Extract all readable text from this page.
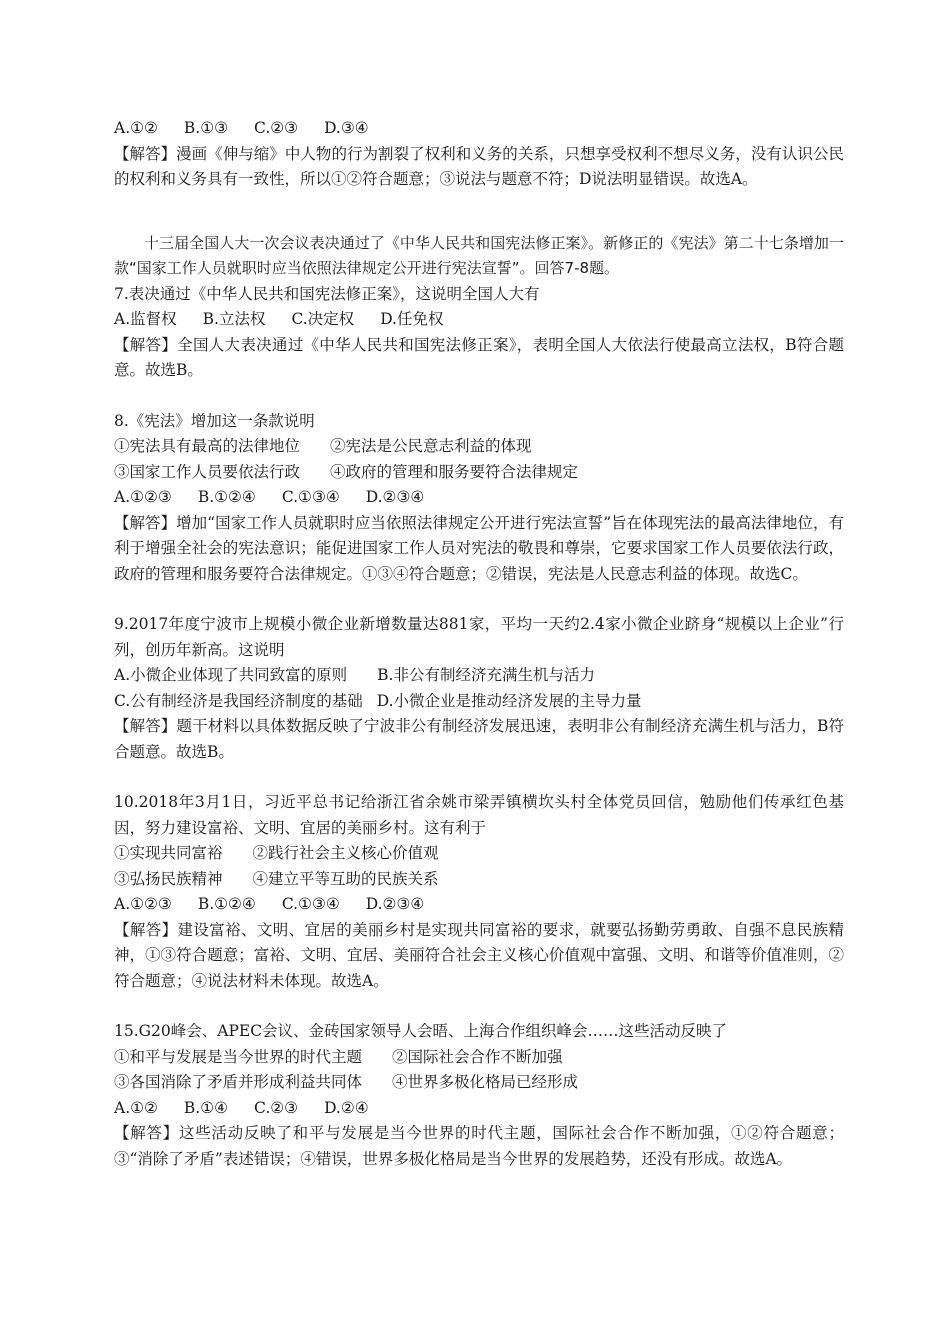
A.①② B.①③ C.②③ D.③④
【解答】漫画《伸与缩》中人物的行为割裂了权利和义务的关系，只想享受权利不想尽义务，没有认识公民的权利和义务具有一致性，所以①②符合题意；③说法与题意不符；D说法明显错误。故选A。
十三届全国人大一次会议表决通过了《中华人民共和国宪法修正案》。新修正的《宪法》第二十七条增加一款“国家工作人员就职时应当依照法律规定公开进行宪法宣誓”。回答7-8题。
7.表决通过《中华人民共和国宪法修正案》，这说明全国人大有
A.监督权 B.立法权 C.决定权 D.任免权
【解答】全国人大表决通过《中华人民共和国宪法修正案》，表明全国人大依法行使最高立法权，B符合题意。故选B。
8.《宪法》增加这一条款说明
①宪法具有最高的法律地位 ②宪法是公民意志利益的体现
③国家工作人员要依法行政 ④政府的管理和服务要符合法律规定
A.①②③ B.①②④ C.①③④ D.②③④
【解答】增加“国家工作人员就职时应当依照法律规定公开进行宪法宣誓”旨在体现宪法的最高法律地位，有利于增强全社会的宪法意识；能促进国家工作人员对宪法的敬畏和尊崇，它要求国家工作人员要依法行政，政府的管理和服务要符合法律规定。①③④符合题意；②错误，宪法是人民意志利益的体现。故选C。
9.2017年度宁波市上规模小微企业新增数量达881家，平均一天约2.4家小微企业跻身“规模以上企业”行列，创历年新高。这说明
A.小微企业体现了共同致富的原则 B.非公有制经济充满生机与活力
C.公有制经济是我国经济制度的基础 D.小微企业是推动经济发展的主导力量
【解答】题干材料以具体数据反映了宁波非公有制经济发展迅速，表明非公有制经济充满生机与活力，B符合题意。故选B。
10.2018年3月1日，习近平总书记给浙江省余姚市梁弄镇横坎头村全体党员回信，勉励他们传承红色基因，努力建设富裕、文明、宜居的美丽乡村。这有利于
①实现共同富裕 ②践行社会主义核心价值观
③弘扬民族精神 ④建立平等互助的民族关系
A.①②③ B.①②④ C.①③④ D.②③④
【解答】建设富裕、文明、宜居的美丽乡村是实现共同富裕的要求，就要弘扬勤劳勇敢、自强不息民族精神，①③符合题意；富裕、文明、宜居、美丽符合社会主义核心价值观中富强、文明、和谐等价值准则，②符合题意；④说法材料未体现。故选A。
15.G20峰会、APEC会议、金砖国家领导人会晤、上海合作组织峰会……这些活动反映了
①和平与发展是当今世界的时代主题 ②国际社会合作不断加强
③各国消除了矛盾并形成利益共同体 ④世界多极化格局已经形成
A.①② B.①④ C.②③ D.②④
【解答】这些活动反映了和平与发展是当今世界的时代主题，国际社会合作不断加强，①②符合题意；③“消除了矛盾”表述错误；④错误，世界多极化格局是当今世界的发展趋势，还没有形成。故选A。
